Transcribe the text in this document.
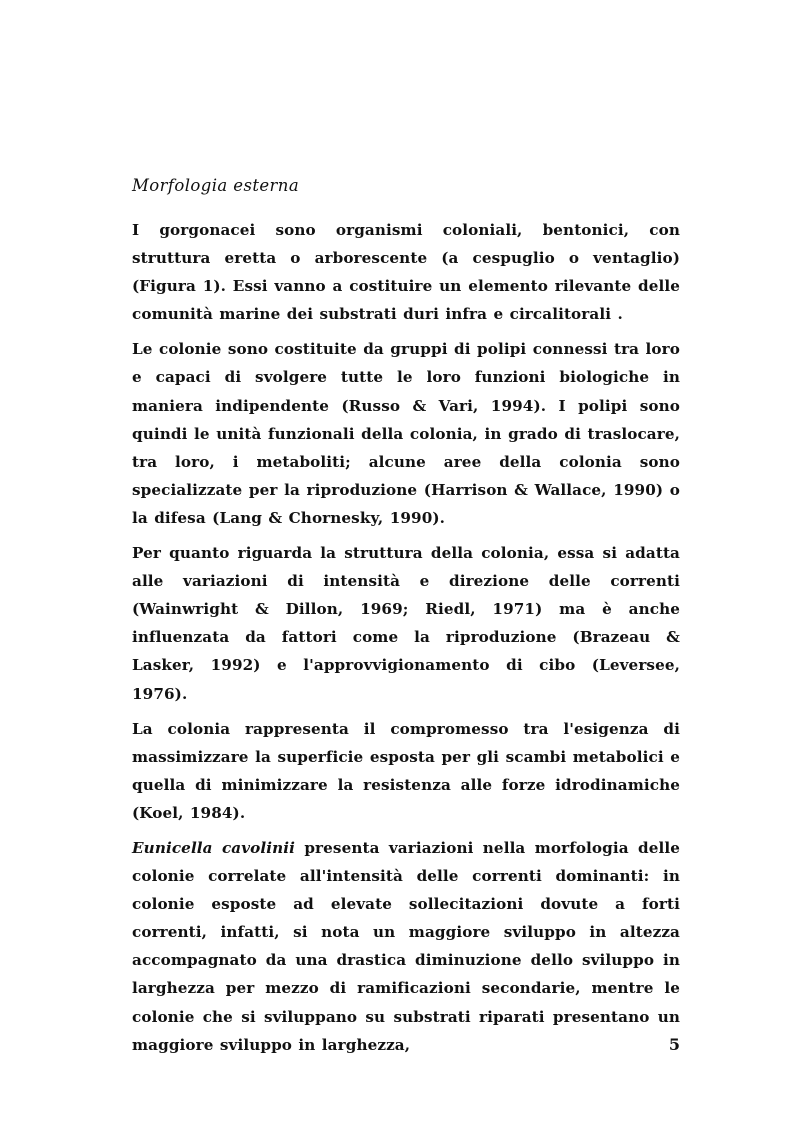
Morfologia esterna

I gorgonacei sono organismi coloniali, bentonici, con struttura eretta o arborescente (a cespuglio o ventaglio) (Figura 1). Essi vanno a costituire un elemento rilevante delle comunità marine dei substrati duri infra e circalitorali .

Le colonie sono costituite da gruppi di polipi connessi tra loro e capaci di svolgere tutte le loro funzioni biologiche in maniera indipendente (Russo & Vari, 1994). I polipi sono quindi le unità funzionali della colonia, in grado di traslocare, tra loro, i metaboliti; alcune aree della colonia sono specializzate per la riproduzione (Harrison & Wallace, 1990) o la difesa (Lang & Chornesky, 1990).

Per quanto riguarda la struttura della colonia, essa si adatta alle variazioni di intensità e direzione delle correnti (Wainwright & Dillon, 1969; Riedl, 1971) ma è anche influenzata da fattori come la riproduzione (Brazeau & Lasker, 1992) e l'approvvigionamento di cibo (Leversee, 1976).

La colonia rappresenta il compromesso tra l'esigenza di massimizzare la superficie esposta per gli scambi metabolici e quella di minimizzare la resistenza alle forze idrodinamiche (Koel, 1984).

Eunicella cavolinii presenta variazioni nella morfologia delle colonie correlate all'intensità delle correnti dominanti: in colonie esposte ad elevate sollecitazioni dovute a forti correnti, infatti, si nota un maggiore sviluppo in altezza accompagnato da una drastica diminuzione dello sviluppo in larghezza per mezzo di ramificazioni secondarie, mentre le colonie che si sviluppano su substrati riparati presentano un maggiore sviluppo in larghezza,	5
